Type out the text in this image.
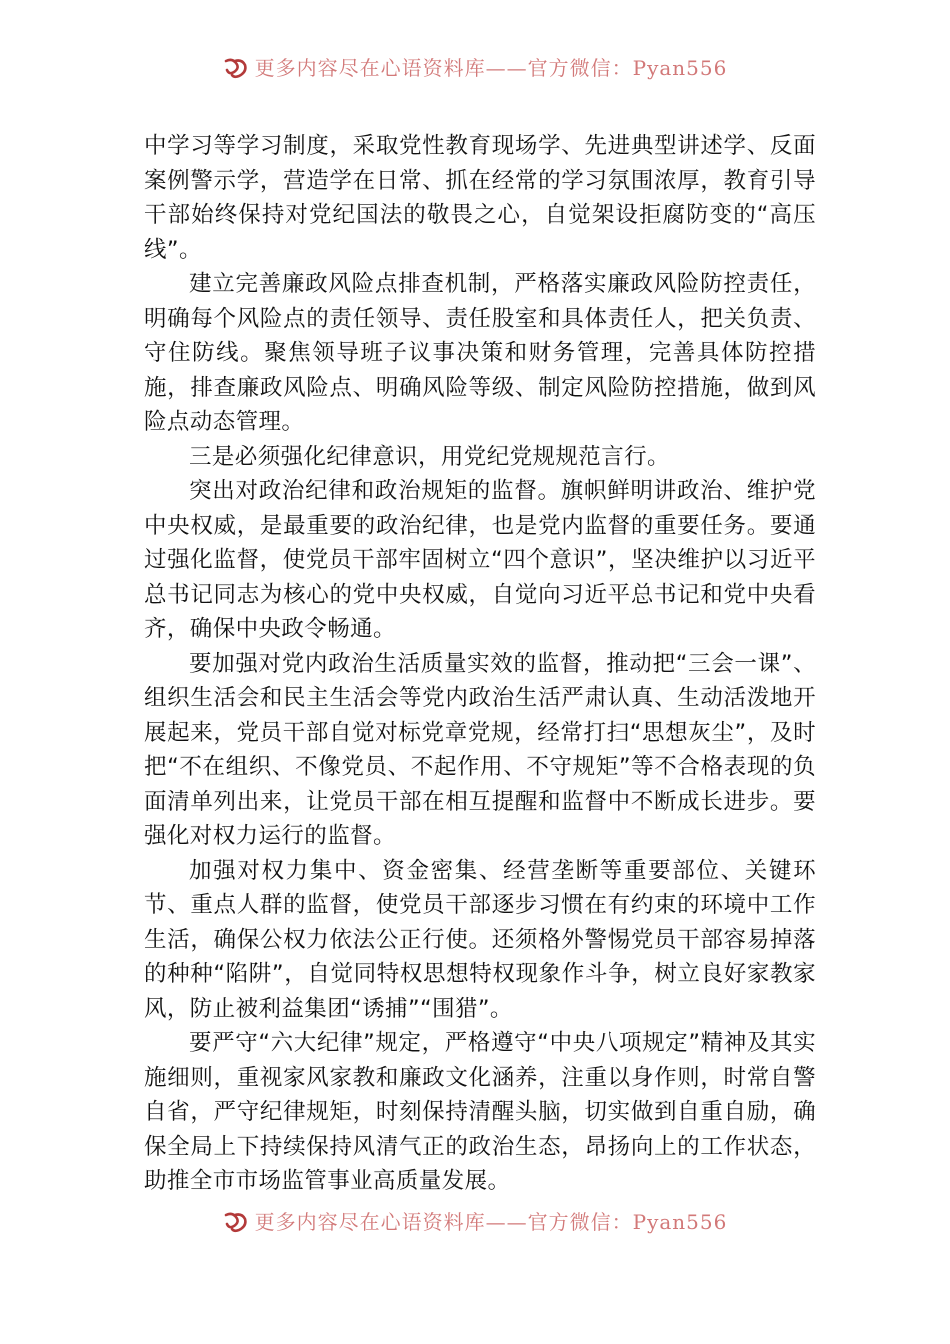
更多内容尽在心语资料库——官方微信：Pyan556

中学习等学习制度，采取党性教育现场学、先进典型讲述学、反面案例警示学，营造学在日常、抓在经常的学习氛围浓厚，教育引导干部始终保持对党纪国法的敬畏之心，自觉架设拒腐防变的“高压线”。

建立完善廉政风险点排查机制，严格落实廉政风险防控责任，明确每个风险点的责任领导、责任股室和具体责任人，把关负责、守住防线。聚焦领导班子议事决策和财务管理，完善具体防控措施，排查廉政风险点、明确风险等级、制定风险防控措施，做到风险点动态管理。

三是必须强化纪律意识，用党纪党规规范言行。

突出对政治纪律和政治规矩的监督。旗帜鲜明讲政治、维护党中央权威，是最重要的政治纪律，也是党内监督的重要任务。要通过强化监督，使党员干部牢固树立“四个意识”，坚决维护以习近平总书记同志为核心的党中央权威，自觉向习近平总书记和党中央看齐，确保中央政令畅通。

要加强对党内政治生活质量实效的监督，推动把“三会一课”、组织生活会和民主生活会等党内政治生活严肃认真、生动活泼地开展起来，党员干部自觉对标党章党规，经常打扫“思想灰尘”，及时把“不在组织、不像党员、不起作用、不守规矩”等不合格表现的负面清单列出来，让党员干部在相互提醒和监督中不断成长进步。要强化对权力运行的监督。

加强对权力集中、资金密集、经营垄断等重要部位、关键环节、重点人群的监督，使党员干部逐步习惯在有约束的环境中工作生活，确保公权力依法公正行使。还须格外警惕党员干部容易掉落的种种“陷阱”，自觉同特权思想特权现象作斗争，树立良好家教家风，防止被利益集团“诱捕”“围猎”。

要严守“六大纪律”规定，严格遵守“中央八项规定”精神及其实施细则，重视家风家教和廉政文化涵养，注重以身作则，时常自警自省，严守纪律规矩，时刻保持清醒头脑，切实做到自重自励，确保全局上下持续保持风清气正的政治生态，昂扬向上的工作状态，助推全市市场监管事业高质量发展。

更多内容尽在心语资料库——官方微信：Pyan556
